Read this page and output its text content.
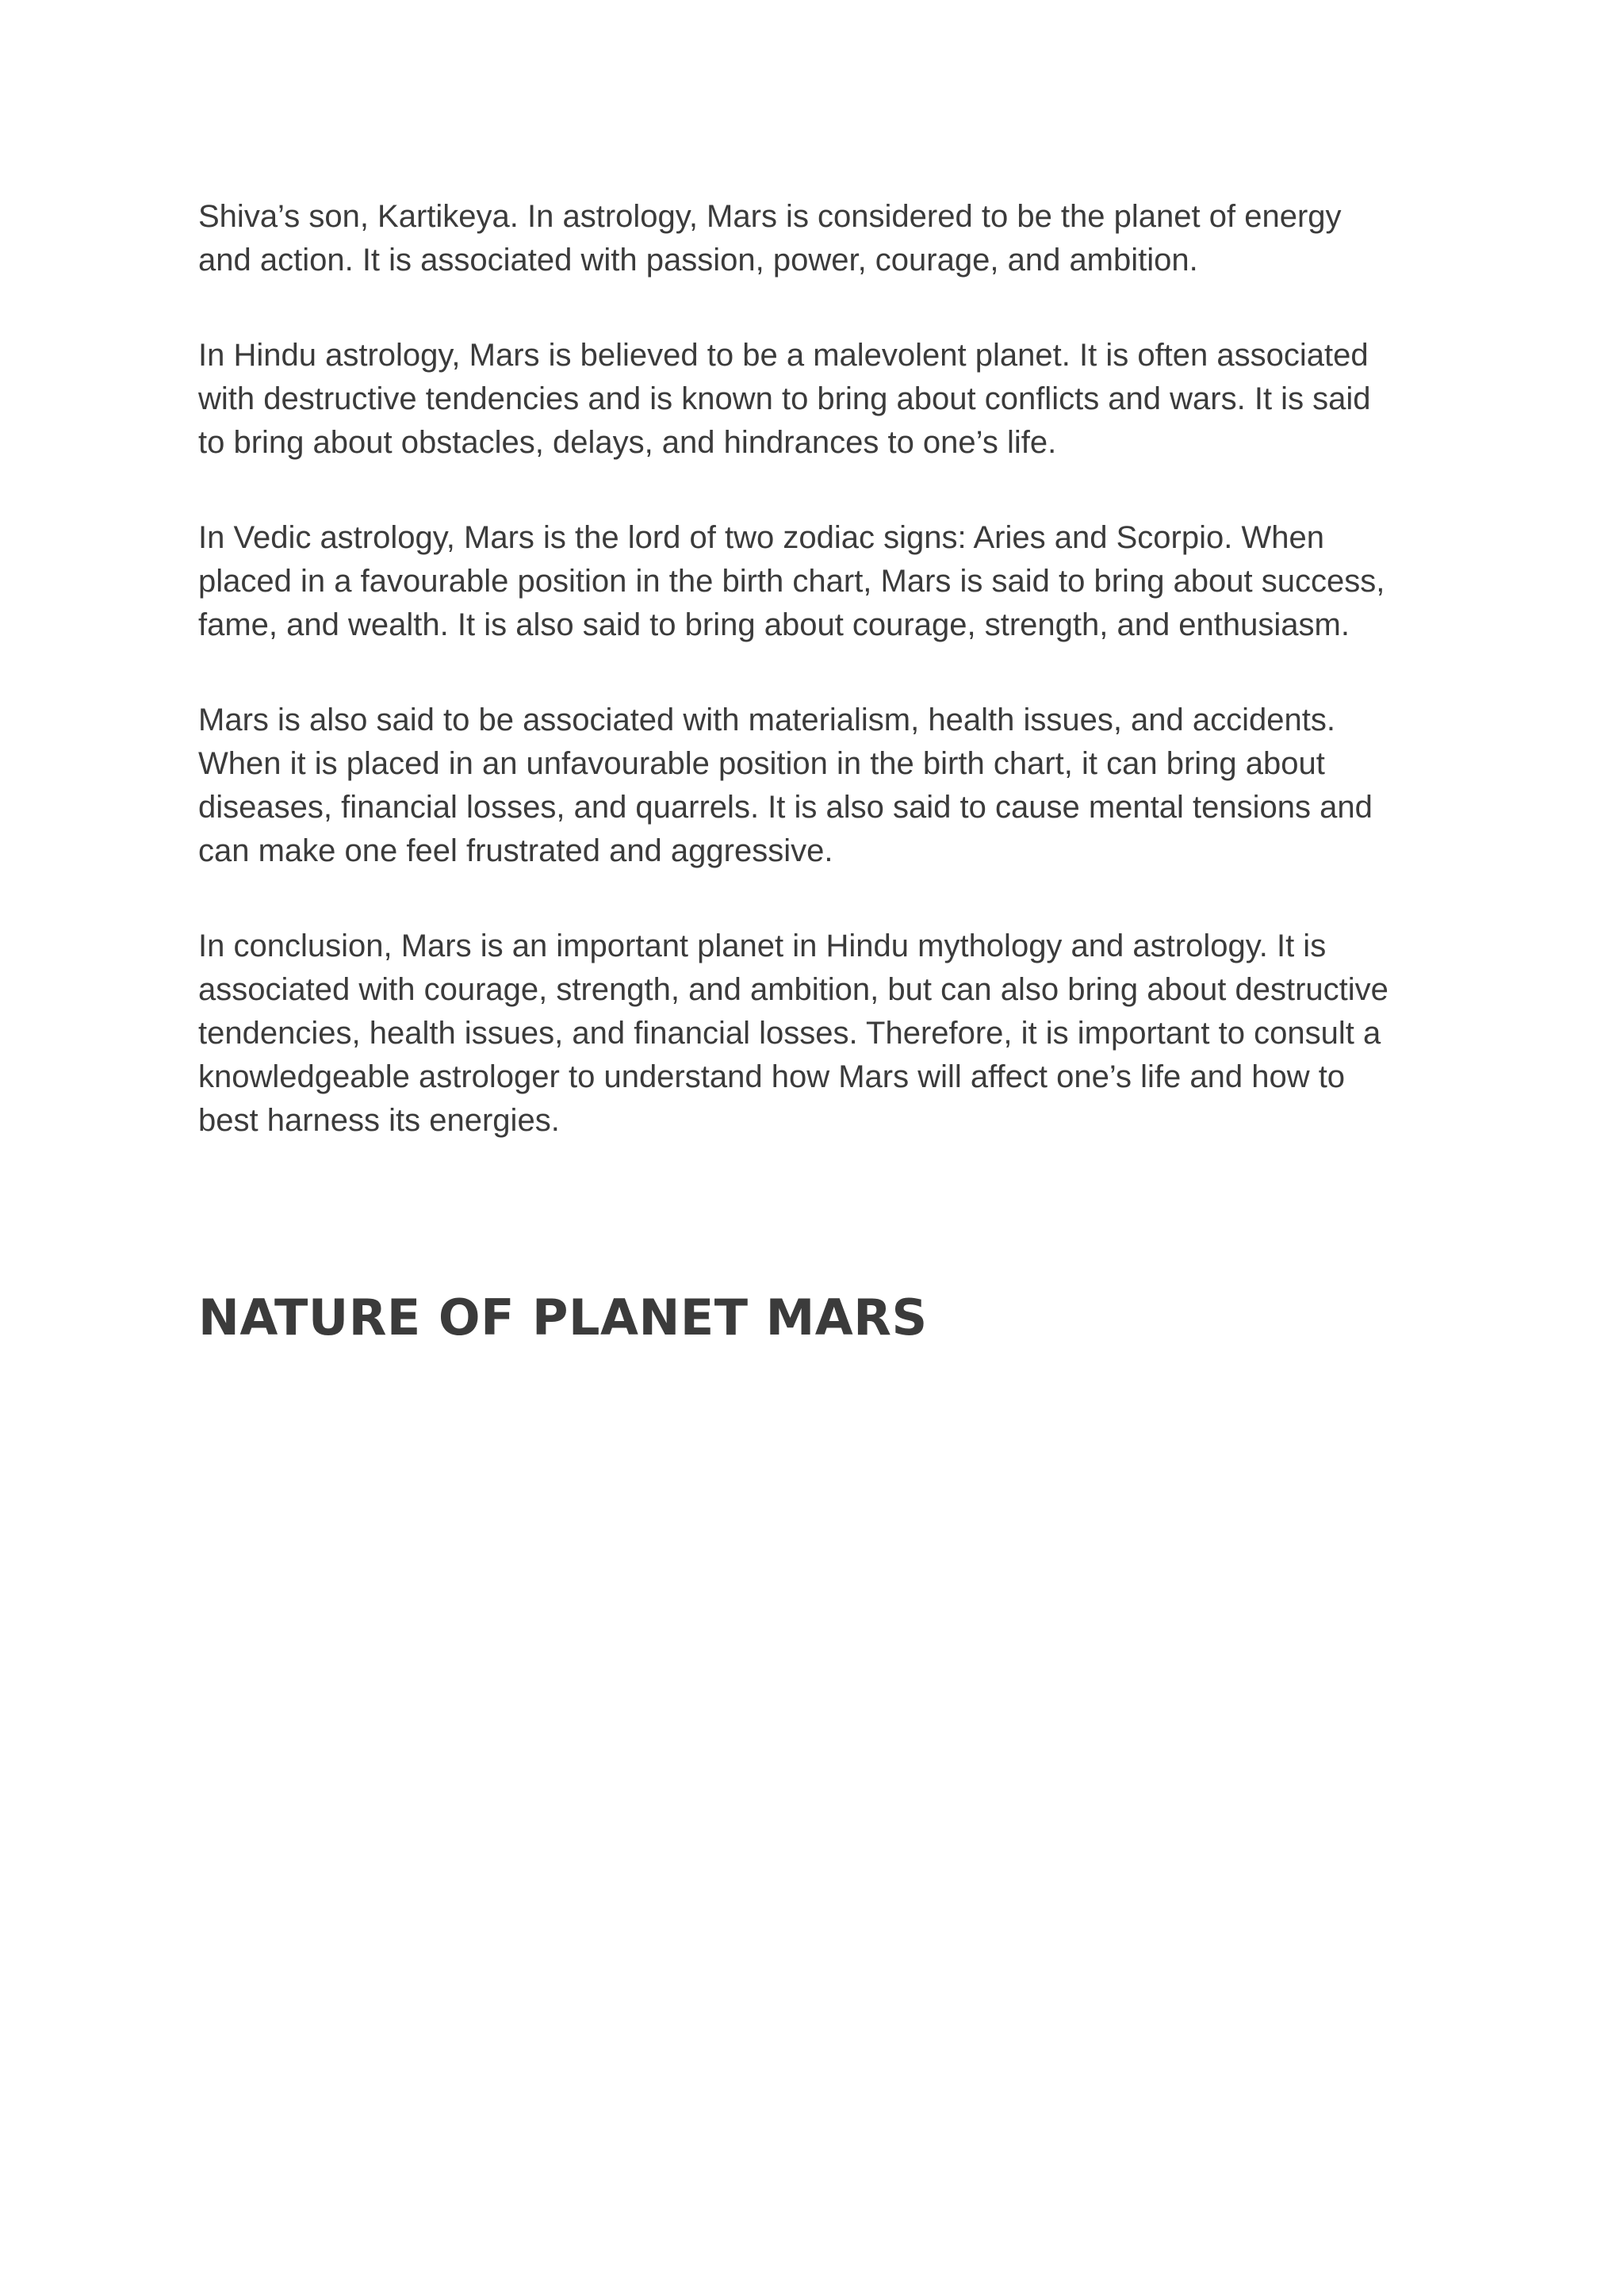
Shiva’s son, Kartikeya. In astrology, Mars is considered to be the planet of energy
and action. It is associated with passion, power, courage, and ambition.

In Hindu astrology, Mars is believed to be a malevolent planet. It is often associated
with destructive tendencies and is known to bring about conflicts and wars. It is said
to bring about obstacles, delays, and hindrances to one’s life.

In Vedic astrology, Mars is the lord of two zodiac signs: Aries and Scorpio. When
placed in a favourable position in the birth chart, Mars is said to bring about success,
fame, and wealth. It is also said to bring about courage, strength, and enthusiasm.

Mars is also said to be associated with materialism, health issues, and accidents.
When it is placed in an unfavourable position in the birth chart, it can bring about
diseases, financial losses, and quarrels. It is also said to cause mental tensions and
can make one feel frustrated and aggressive.

In conclusion, Mars is an important planet in Hindu mythology and astrology. It is
associated with courage, strength, and ambition, but can also bring about destructive
tendencies, health issues, and financial losses. Therefore, it is important to consult a
knowledgeable astrologer to understand how Mars will affect one’s life and how to
best harness its energies.

NATURE OF PLANET MARS
